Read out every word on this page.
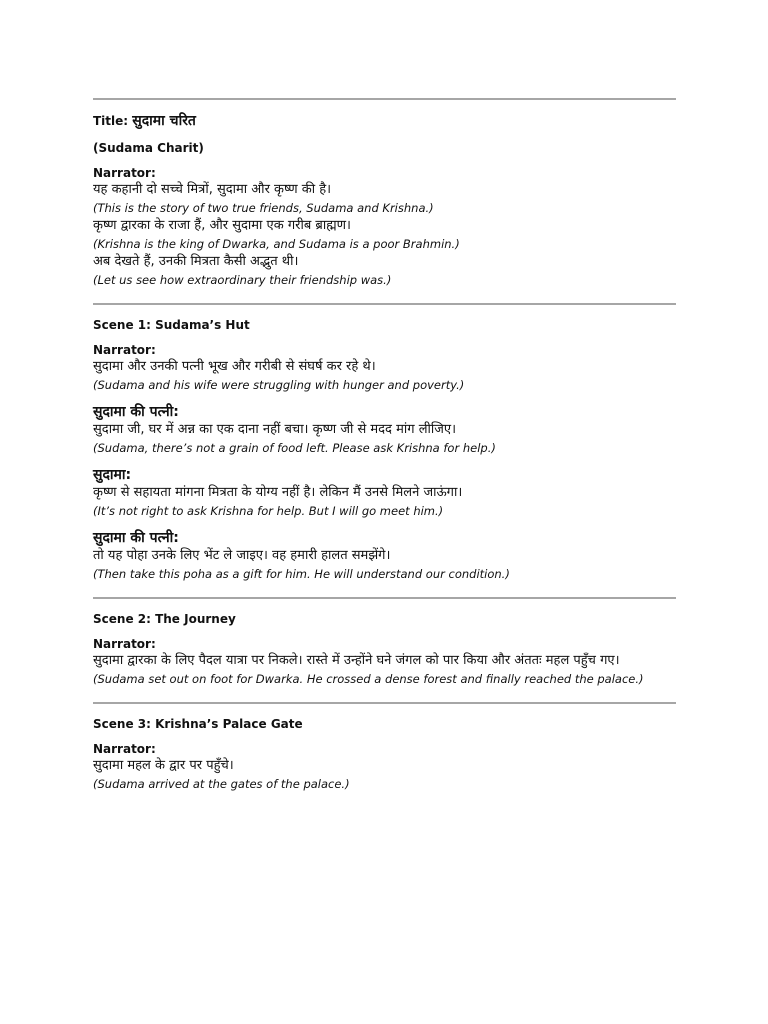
Title: सुदामा चरित

(Sudama Charit)

Narrator:

यह कहानी दो सच्चे मित्रों, सुदामा और कृष्ण की है।

(This is the story of two true friends, Sudama and Krishna.)

कृष्ण द्वारका के राजा हैं, और सुदामा एक गरीब ब्राह्मण।

(Krishna is the king of Dwarka, and Sudama is a poor Brahmin.)

अब देखते हैं, उनकी मित्रता कैसी अद्भुत थी।

(Let us see how extraordinary their friendship was.)

Scene 1: Sudama’s Hut

Narrator:

सुदामा और उनकी पत्नी भूख और गरीबी से संघर्ष कर रहे थे।

(Sudama and his wife were struggling with hunger and poverty.)

सुदामा की पत्नी:

सुदामा जी, घर में अन्न का एक दाना नहीं बचा। कृष्ण जी से मदद मांग लीजिए।

(Sudama, there’s not a grain of food left. Please ask Krishna for help.)

सुदामा:

कृष्ण से सहायता मांगना मित्रता के योग्य नहीं है। लेकिन मैं उनसे मिलने जाऊंगा।

(It’s not right to ask Krishna for help. But I will go meet him.)

सुदामा की पत्नी:

तो यह पोहा उनके लिए भेंट ले जाइए। वह हमारी हालत समझेंगे।

(Then take this poha as a gift for him. He will understand our condition.)

Scene 2: The Journey

Narrator:

सुदामा द्वारका के लिए पैदल यात्रा पर निकले। रास्ते में उन्होंने घने जंगल को पार किया और अंततः महल पहुँच गए।

(Sudama set out on foot for Dwarka. He crossed a dense forest and finally reached the palace.)

Scene 3: Krishna’s Palace Gate

Narrator:

सुदामा महल के द्वार पर पहुँचे।

(Sudama arrived at the gates of the palace.)
